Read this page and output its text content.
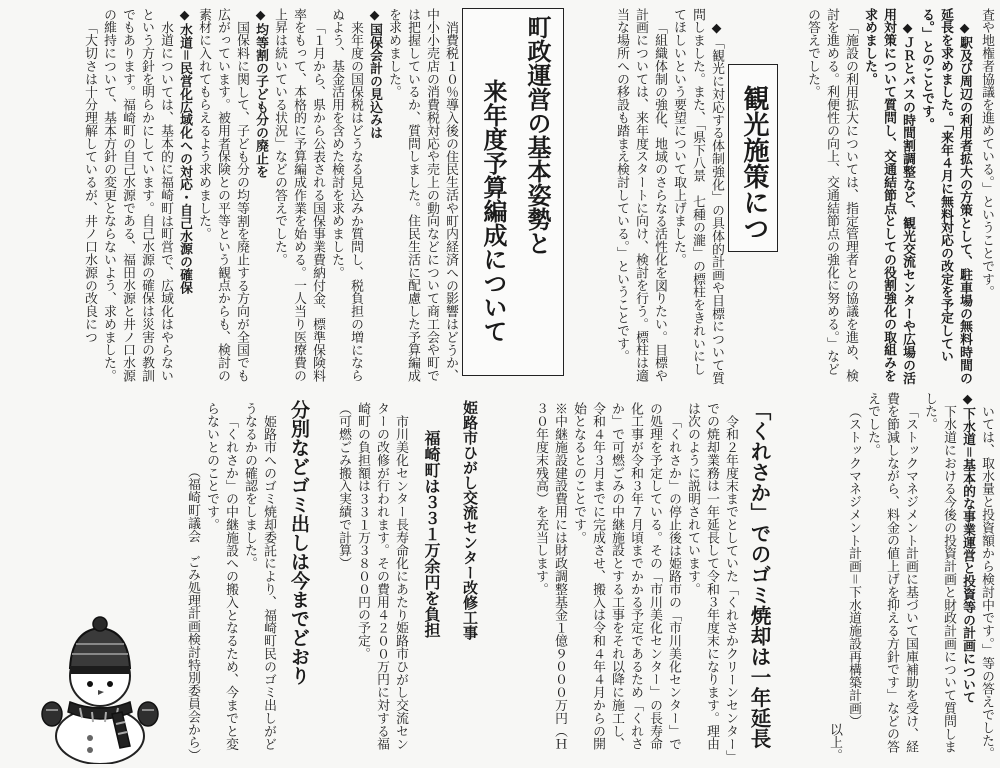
査や地権者協議を進めている。」ということです。
◆駅及び周辺の利用者拡大の方策として、駐車場の無料時間の延長を求めました。「来年４月に無料対応の改定を予定している。」とのことです。
◆ＪＲとバスの時間割調整など、観光交流センターや広場の活用対策について質問し、交通結節点としての役割強化の取組みを求めました。
「施設の利用拡大については、指定管理者との協議を進め、検討を進める。利便性の向上、交通結節点の強化に努める。」などの答えでした。
観光施策につ
◆「観光に対応する体制強化」の具体的計画や目標について質問しました。また、「県下八景　七種の瀧」の標柱をきれいにしてほしいという要望について取上げました。
「組織体制の強化、地域のさらなる活性化を図りたい。目標や計画については、来年度スタートに向け、検討を行う。標柱は適当な場所への移設も踏まえ検討している。」ということです。
町政運営の基本姿勢と
来年度予算編成について
消費税１０％導入後の住民生活や町内経済への影響はどうか、中小小売店の消費税対応や売上の動向などについて商工会や町では把握しているか、質問しました。住民生活に配慮した予算編成を求めました。
◆国保会計の見込みは
来年度の国保税はどうなる見込みか質問し、税負担の増にならぬよう、基金活用を含めた検討を求めました。
「１月から、県から公表される国保事業費納付金、標準保険料率をもって、本格的に予算編成作業を始める。一人当り医療費の上昇は続いている状況」などの答えでした。
◆均等割の子ども分の廃止を
国保料に関して、子ども分の均等割を廃止する方向が全国でも広がっています。被用者保険との平等という観点からも、検討の素材に入れてもらえるよう求めました。
◆水道＝民営化広域化への対応・自己水源の確保
水道については、基本的に福崎町は町営で、広域化はやらないという方針を明らかにしています。自己水源の確保は災害の教訓でもあります。福崎町の自己水源である、福田水源と井ノ口水源の維持について、基本方針の変更とならないよう、求めました。
「大切さは十分理解しているが、井ノ口水源の改良につ
いては、取水量と投資額から検討中です。」等の答えでした。
◆下水道＝基本的な事業運営と投資等の計画について
下水道における今後の投資計画と財政計画について質問しました。
「ストックマネジメント計画に基づいて国庫補助を受け、経費を節減しながら、料金の値上げを抑える方針です」などの答えでした。
（ストックマネジメント計画＝下水道施設再構築計画）
以上。
「くれさか」でのゴミ焼却は一年延長
令和２年度末までとしていた「くれさかクリーンセンター」での焼却業務は一年延長して令和３年度末になります。理由は次のように説明されています。
「くれさか」の停止後は姫路市の「市川美化センター」での処理を予定している。その「市川美化センター」の長寿命化工事が令和３年７月頃までかかる予定であるため「くれさか」で可燃ごみの中継施設とする工事をそれ以降に施工し、令和４年３月までに完成させ、搬入は令和４年４月からの開始となるとのことです。
※中継施設建設費用には財政調整基金１億９０００万円（Ｈ３０年度末残高）を充当します。
姫路市ひがし交流センター改修工事
福崎町は３３１万余円を負担
市川美化センター長寿命化にあたり姫路市ひがし交流センターの改修が行われます。その費用４２００万円に対する福崎町の負担額は３３１万３８００円の予定。
（可燃ごみ搬入実績で計算）
分別などゴミ出しは今までどおり
姫路市へのゴミ焼却委託により、福崎町民のゴミ出しがどうなるかの確認をしました。
「くれさか」の中継施設への搬入となるため、今までと変らないとのことです。
（福崎町議会　ごみ処理計画検討特別委員会から）
